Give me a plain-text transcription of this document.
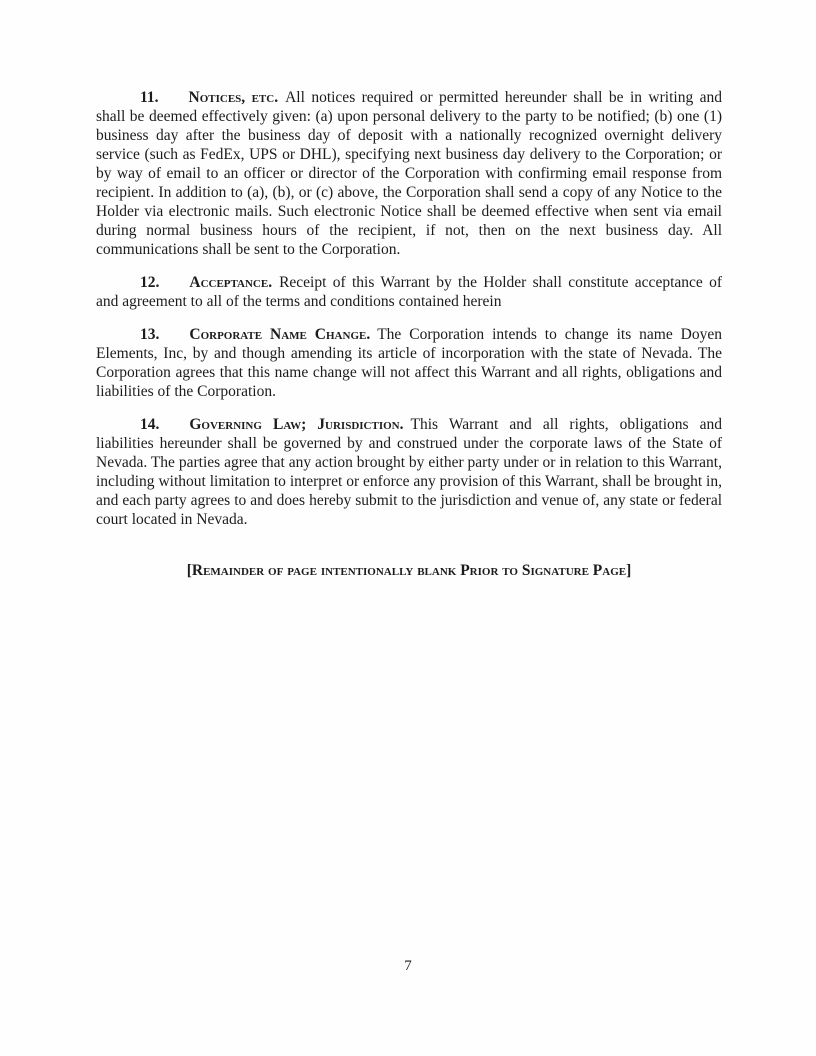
11. Notices, etc. All notices required or permitted hereunder shall be in writing and shall be deemed effectively given: (a) upon personal delivery to the party to be notified; (b) one (1) business day after the business day of deposit with a nationally recognized overnight delivery service (such as FedEx, UPS or DHL), specifying next business day delivery to the Corporation; or by way of email to an officer or director of the Corporation with confirming email response from recipient. In addition to (a), (b), or (c) above, the Corporation shall send a copy of any Notice to the Holder via electronic mails. Such electronic Notice shall be deemed effective when sent via email during normal business hours of the recipient, if not, then on the next business day. All communications shall be sent to the Corporation.

12. Acceptance. Receipt of this Warrant by the Holder shall constitute acceptance of and agreement to all of the terms and conditions contained herein

13. Corporate Name Change. The Corporation intends to change its name Doyen Elements, Inc, by and though amending its article of incorporation with the state of Nevada. The Corporation agrees that this name change will not affect this Warrant and all rights, obligations and liabilities of the Corporation.

14. Governing Law; Jurisdiction. This Warrant and all rights, obligations and liabilities hereunder shall be governed by and construed under the corporate laws of the State of Nevada. The parties agree that any action brought by either party under or in relation to this Warrant, including without limitation to interpret or enforce any provision of this Warrant, shall be brought in, and each party agrees to and does hereby submit to the jurisdiction and venue of, any state or federal court located in Nevada.

[Remainder of page intentionally blank Prior to Signature Page]

7
